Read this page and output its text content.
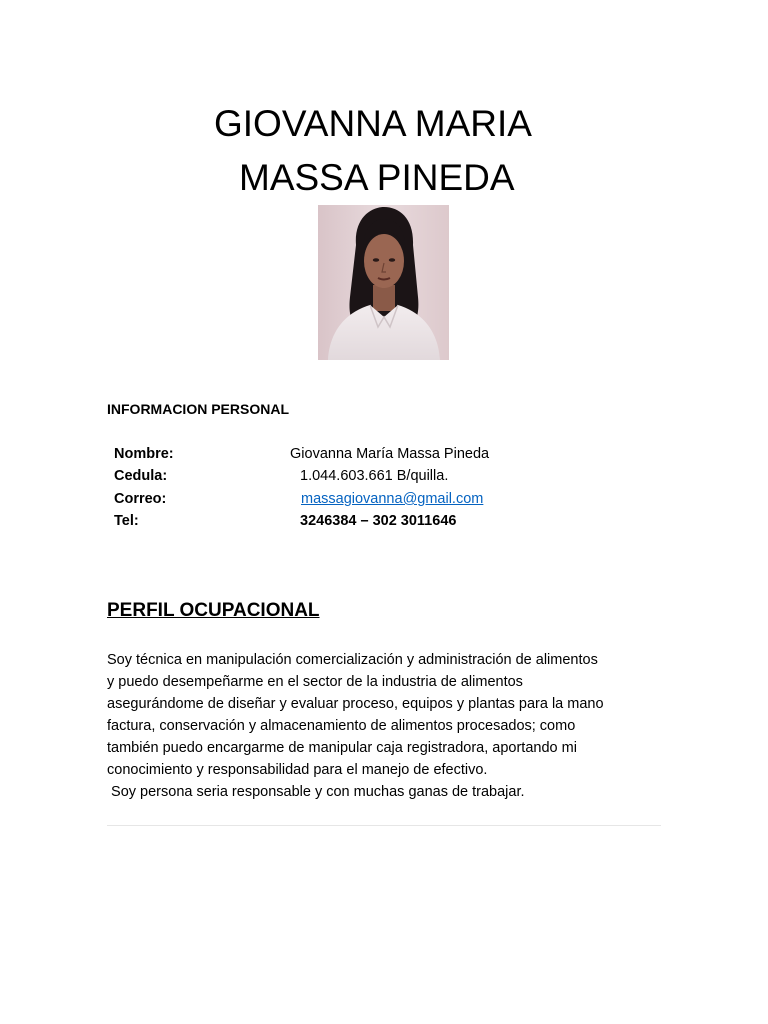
GIOVANNA MARIA
MASSA PINEDA
INFORMACION PERSONAL
Nombre:	Giovanna María Massa Pineda
Cedula:	1.044.603.661 B/quilla.
Correo:	massagiovanna@gmail.com
Tel:	3246384 – 302 3011646
PERFIL OCUPACIONAL
Soy técnica en manipulación comercialización y administración de alimentos
y puedo desempeñarme en el sector de la industria de alimentos
asegurándome de diseñar y evaluar proceso, equipos y plantas para la mano
factura, conservación y almacenamiento de alimentos procesados; como
también puedo encargarme de manipular caja registradora, aportando mi
conocimiento y responsabilidad para el manejo de efectivo.
Soy persona seria responsable y con muchas ganas de trabajar.
